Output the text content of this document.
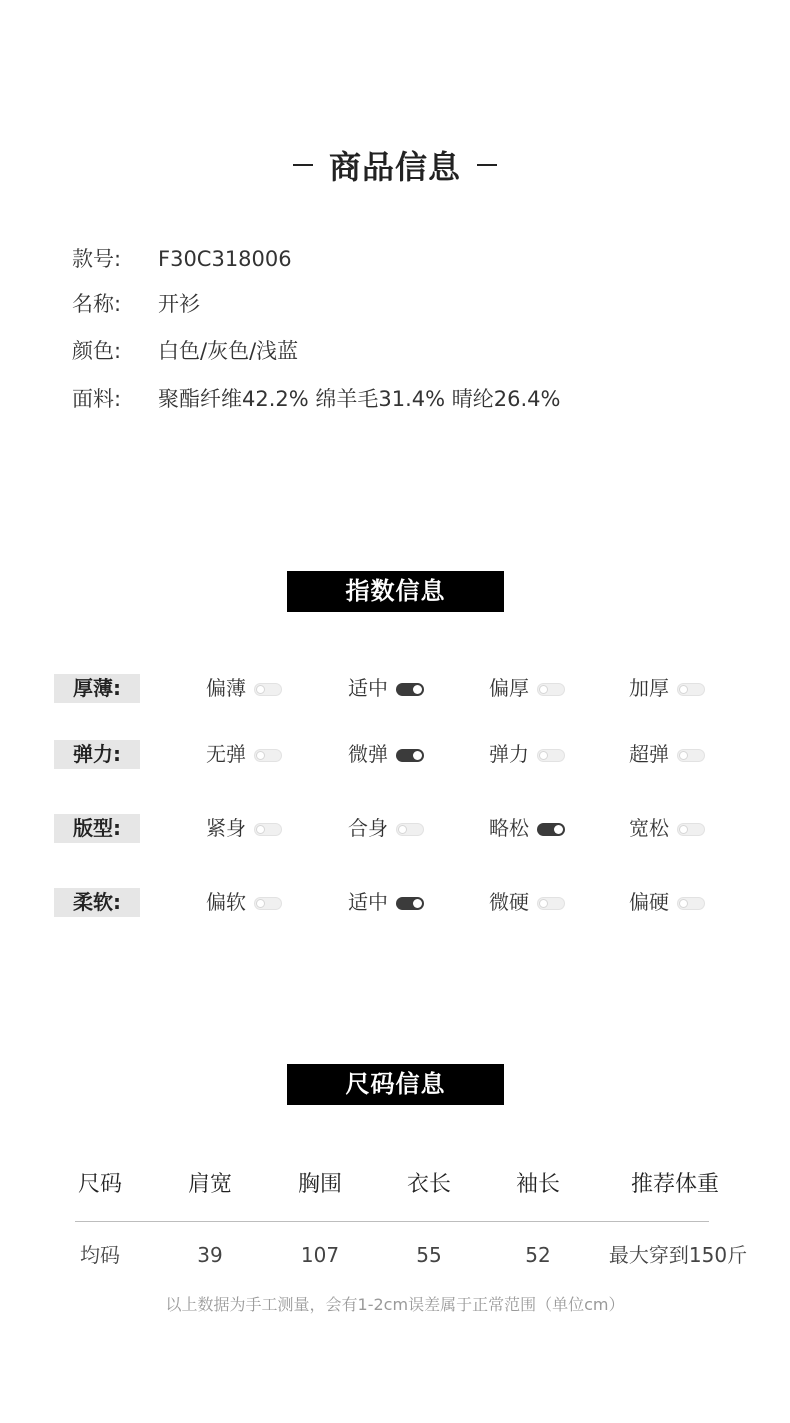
商品信息
款号: F30C318006
名称: 开衫
颜色: 白色/灰色/浅蓝
面料: 聚酯纤维42.2% 绵羊毛31.4% 晴纶26.4%
指数信息
厚薄:	偏薄	适中	偏厚	加厚
弹力:	无弹	微弹	弹力	超弹
版型:	紧身	合身	略松	宽松
柔软:	偏软	适中	微硬	偏硬
尺码信息
尺码	肩宽	胸围	衣长	袖长	推荐体重
均码	39	107	55	52	最大穿到150斤
以上数据为手工测量，会有1-2cm误差属于正常范围（单位cm）
